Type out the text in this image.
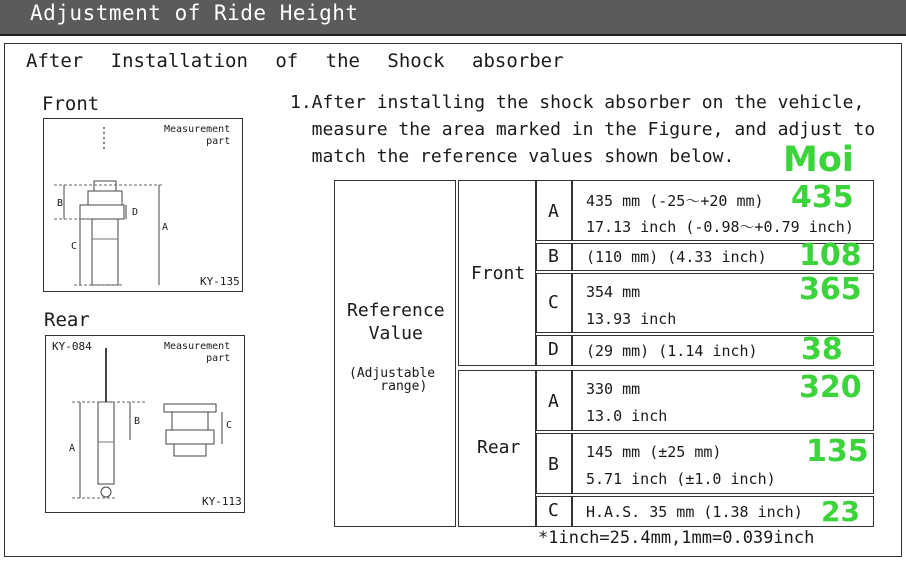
Adjustment of Ride Height
After Installation of the Shock absorber
Front
Measurement
part
B
D
A
C
KY-135
Rear
KY-084	Measurement
part
B
A
C
KY-113
1.After installing the shock absorber on the vehicle,
measure the area marked in the Figure, and adjust to
match the reference values shown below.	Moi
Reference
Value
(Adjustable
range)
Front
Rear
A 435 mm (-25～+20 mm)
17.13 inch (-0.98～+0.79 inch)
435
B (110 mm) (4.33 inch) 108
C 354 mm
13.93 inch
365
D (29 mm) (1.14 inch) 38
A
330 mm
13.0 inch
320
B
145 mm (±25 mm)
5.71 inch (±1.0 inch)
135
C H.A.S. 35 mm (1.38 inch) 23
*1inch=25.4mm,1mm=0.039inch
